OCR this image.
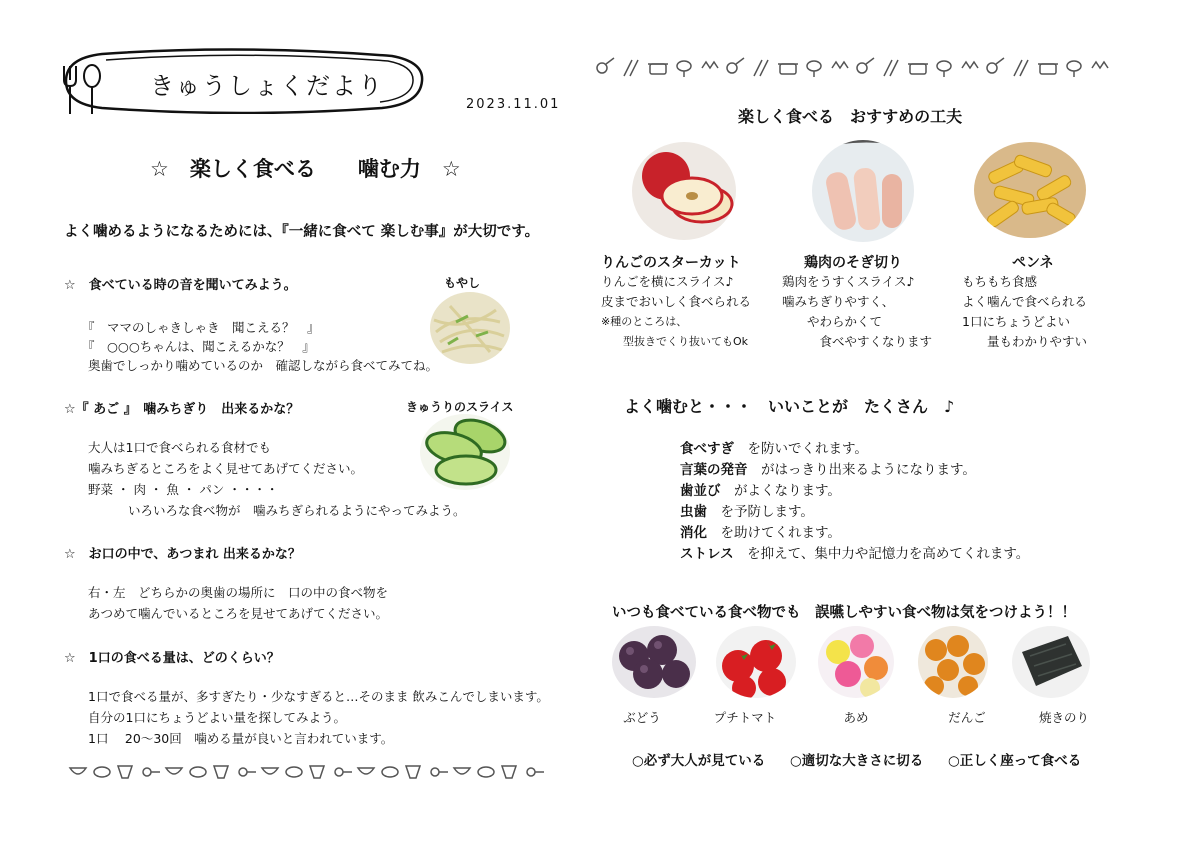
きゅうしょくだより
2023.11.01
☆　楽しく食べる　　噛む力　☆
よく噛めるようになるためには、『一緒に食べて 楽しむ事』が大切です。
☆　食べている時の音を聞いてみよう。	もやし
『　ママのしゃきしゃき　聞こえる？　』
『　○○○ちゃんは、聞こえるかな？　』
奥歯でしっかり噛めているのか　確認しながら食べてみてね。
☆『 あご 』　噛みちぎり　出来るかな？	きゅうりのスライス
大人は1口で食べられる食材でも
噛みちぎるところをよく見せてあげてください。
野菜 ・ 肉 ・ 魚 ・ パン ・・・・
いろいろな食べ物が　噛みちぎられるようにやってみよう。
☆　お口の中で、あつまれ 出来るかな？
右・左　どちらかの奥歯の場所に　口の中の食べ物を
あつめて噛んでいるところを見せてあげてください。
☆　1口の食べる量は、どのくらい？
1口で食べる量が、多すぎたり・少なすぎると…そのまま 飲みこんでしまいます。
自分の1口にちょうどよい量を探してみよう。
1口　 20～30回　噛める量が良いと言われています。
楽しく食べる　おすすめの工夫
りんごのスターカット
りんごを横にスライス♪
皮までおいしく食べられる
※種のところは、
　　型抜きでくり抜いてもOk
鶏肉のそぎ切り
鶏肉をうすくスライス♪
噛みちぎりやすく、
　　やわらかくて
　　　食べやすくなります
ペンネ
もちもち食感
よく噛んで食べられる
1口にちょうどよい
　　量もわかりやすい
よく噛むと・・・　いいことが　たくさん　♪
食べすぎ　を防いでくれます。
言葉の発音　がはっきり出来るようになります。
歯並び　がよくなります。
虫歯　を予防します。
消化　を助けてくれます。
ストレス　を抑えて、集中力や記憶力を高めてくれます。
いつも食べている食べ物でも　誤嚥しやすい食べ物は気をつけよう！！
ぶどう	プチトマト	あめ	だんご	焼きのり
○必ず大人が見ている ○適切な大きさに切る ○正しく座って食べる
